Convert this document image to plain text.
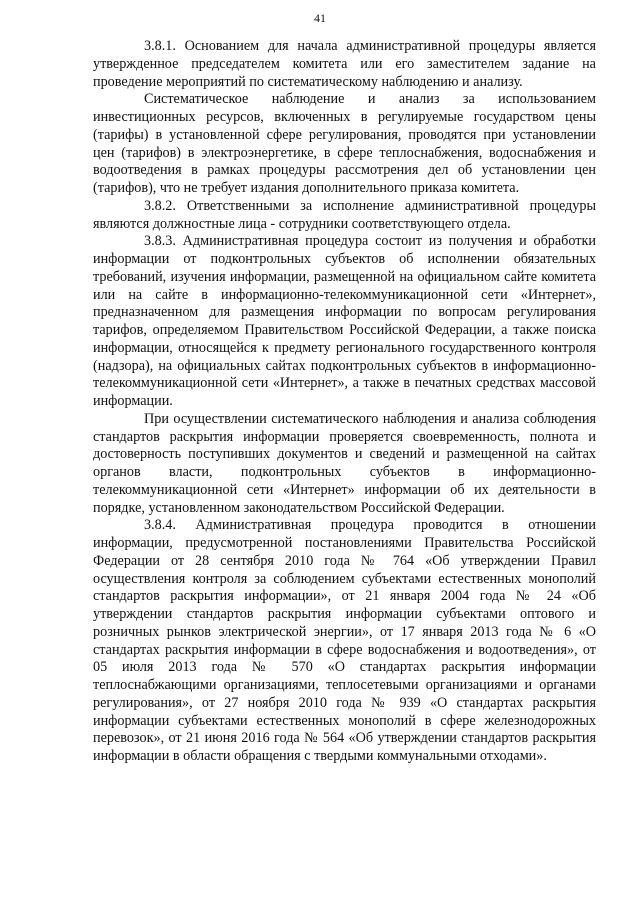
41

3.8.1. Основанием для начала административной процедуры является утвержденное председателем комитета или его заместителем задание на проведение мероприятий по систематическому наблюдению и анализу.

Систематическое наблюдение и анализ за использованием инвестиционных ресурсов, включенных в регулируемые государством цены (тарифы) в установленной сфере регулирования, проводятся при установлении цен (тарифов) в электроэнергетике, в сфере теплоснабжения, водоснабжения и водоотведения в рамках процедуры рассмотрения дел об установлении цен (тарифов), что не требует издания дополнительного приказа комитета.

3.8.2. Ответственными за исполнение административной процедуры являются должностные лица - сотрудники соответствующего отдела.

3.8.3. Административная процедура состоит из получения и обработки информации от подконтрольных субъектов об исполнении обязательных требований, изучения информации, размещенной на официальном сайте комитета или на сайте в информационно-телекоммуникационной сети «Интернет», предназначенном для размещения информации по вопросам регулирования тарифов, определяемом Правительством Российской Федерации, а также поиска информации, относящейся к предмету регионального государственного контроля (надзора), на официальных сайтах подконтрольных субъектов в информационно-телекоммуникационной сети «Интернет», а также в печатных средствах массовой информации.

При осуществлении систематического наблюдения и анализа соблюдения стандартов раскрытия информации проверяется своевременность, полнота и достоверность поступивших документов и сведений и размещенной на сайтах органов власти, подконтрольных субъектов в информационно-телекоммуникационной сети «Интернет» информации об их деятельности в порядке, установленном законодательством Российской Федерации.

3.8.4. Административная процедура проводится в отношении информации, предусмотренной постановлениями Правительства Российской Федерации от 28 сентября 2010 года № 764 «Об утверждении Правил осуществления контроля за соблюдением субъектами естественных монополий стандартов раскрытия информации», от 21 января 2004 года № 24 «Об утверждении стандартов раскрытия информации субъектами оптового и розничных рынков электрической энергии», от 17 января 2013 года № 6 «О стандартах раскрытия информации в сфере водоснабжения и водоотведения», от 05 июля 2013 года № 570 «О стандартах раскрытия информации теплоснабжающими организациями, теплосетевыми организациями и органами регулирования», от 27 ноября 2010 года № 939 «О стандартах раскрытия информации субъектами естественных монополий в сфере железнодорожных перевозок», от 21 июня 2016 года № 564 «Об утверждении стандартов раскрытия информации в области обращения с твердыми коммунальными отходами».
